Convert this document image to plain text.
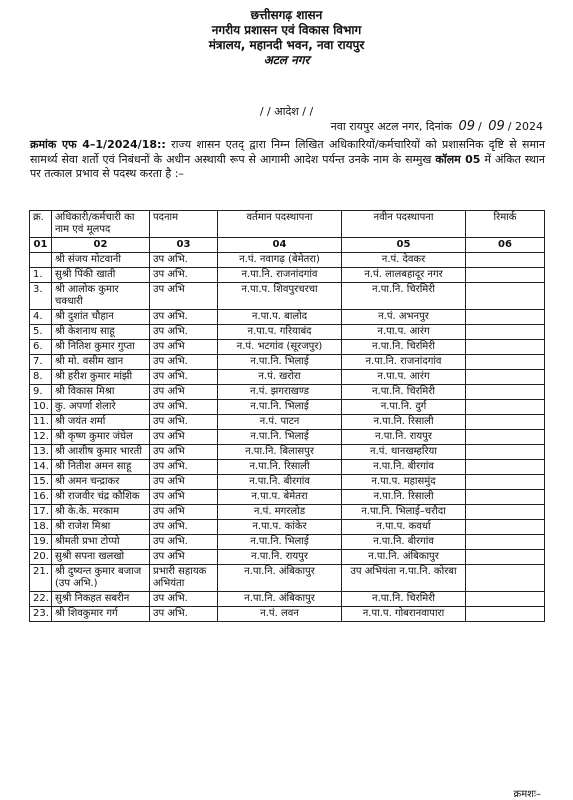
छत्तीसगढ़ शासन
नगरीय प्रशासन एवं विकास विभाग
मंत्रालय, महानदी भवन, नवा रायपुर
अटल नगर
/ / आदेश / /
नवा रायपुर अटल नगर, दिनांक 09 / 09 / 2024
क्रमांक एफ 4–1/2024/18:: राज्य शासन एतद् द्वारा निम्न लिखित अधिकारियों/कर्मचारियों को प्रशासनिक दृष्टि से समान सामर्थ्य सेवा शर्तो एवं निबंधनों के अधीन अस्थायी रूप से आगामी आदेश पर्यन्त उनके नाम के सम्मुख कॉलम 05 में अंकित स्थान पर तत्काल प्रभाव से पदस्थ करता है :–
क्र.	अधिकारी/कर्मचारी का नाम एवं मूलपद	पदनाम	वर्तमान पदस्थापना	नवीन पदस्थापना	रिमार्क
01	02	03	04	05	06
	श्री संजय मोटवानी	उप अभि.	न.पं. नवागढ़ (बेमेतरा)	न.पं. देवकर	
1.	सुश्री पिंकी खाती	उप अभि.	न.पा.नि. राजनांदगांव	न.पं. लालबहादूर नगर	
3.	श्री आलोक कुमार चक्धारी	उप अभि	न.पा.प. शिवपुरचरचा	न.पा.नि. चिरमिरी	
4.	श्री दुशांत चौहान	उप अभि.	न.पा.प. बालोद	न.पं. अभनपुर	
5.	श्री केशनाथ साहू	उप अभि.	न.पा.प. गरियाबंद	न.पा.प. आरंग	
6.	श्री नितिश कुमार गुप्ता	उप अभि	न.पं. भटगांव (सूरजपुर)	न.पा.नि. चिरमिरी	
7.	श्री मो. वसीम खान	उप अभि.	न.पा.नि. भिलाई	न.पा.नि. राजनांदगांव	
8.	श्री हरीश कुमार मांझी	उप अभि.	न.पं. खरोरा	न.पा.प. आरंग	
9.	श्री विकास मिश्रा	उप अभि	न.पं. झगराखण्ड	न.पा.नि. चिरमिरी	
10.	कु. अपर्णा शेलारे	उप अभि.	न.पा.नि. भिलाई	न.पा.नि. दुर्ग	
11.	श्री जयंत शर्मा	उप अभि.	न.पं. पाटन	न.पा.नि. रिसाली	
12.	श्री कृष्ण कुमार जंघेल	उप अभि	न.पा.नि. भिलाई	न.पा.नि. रायपुर	
13.	श्री आशीष कुमार भारती	उप अभि	न.पा.नि. बिलासपुर	न.पं. थानखम्हरिया	
14.	श्री नितीश अमन साहू	उप अभि.	न.पा.नि. रिसाली	न.पा.नि. बीरगांव	
15.	श्री अमन चन्द्राकर	उप अभि	न.पा.नि. बीरगांव	न.पा.प. महासमुंद	
16.	श्री राजवीर चंद्र कौशिक	उप अभि	न.पा.प. बेमेतरा	न.पा.नि. रिसाली	
17.	श्री के.के. मरकाम	उप अभि	न.पं. मगरलोड	न.पा.नि. भिलाई–चरौदा	
18.	श्री राजेश मिश्रा	उप अभि.	न.पा.प. कांकेर	न.पा.प. कवर्धा	
19.	श्रीमती प्रभा टोप्पो	उप अभि.	न.पा.नि. भिलाई	न.पा.नि. बीरगांव	
20.	सुश्री सपना खलखो	उप अभि	न.पा.नि. रायपुर	न.पा.नि. अंबिकापुर	
21.	श्री दुष्यन्त कुमार बजाज (उप अभि.)	प्रभारी सहायक अभियंता	न.पा.नि. अंबिकापुर	उप अभियंता न.पा.नि. कोरबा	
22.	सुश्री निकहत सबरीन	उप अभि.	न.पा.नि. अंबिकापुर	न.पा.नि. चिरमिरी	
23.	श्री शिवकुमार गर्ग	उप अभि.	न.पं. लवन	न.पा.प. गोबरानवापारा	
क्रमशः–
